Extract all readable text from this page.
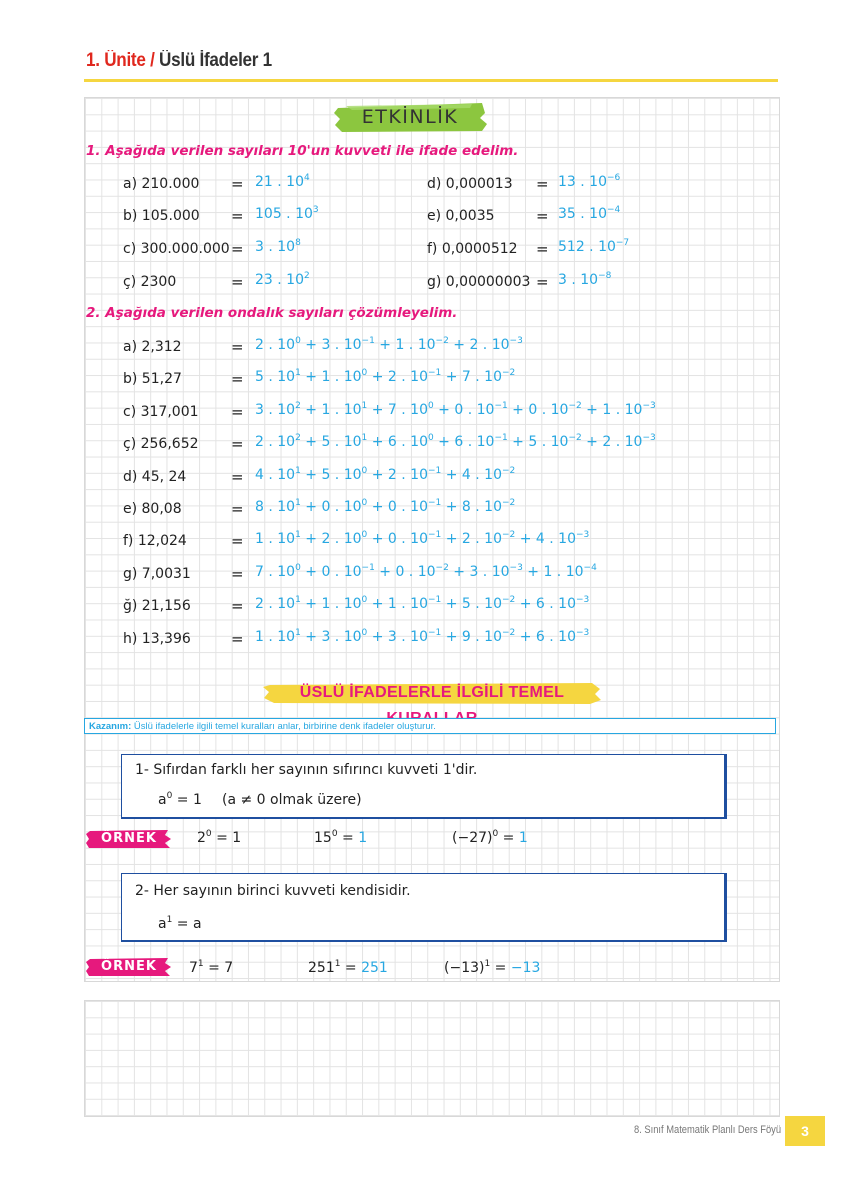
1. Ünite / Üslü İfadeler 1
ETKİNLİK
1. Aşağıda verilen sayıları 10'un kuvveti ile ifade edelim.
a) 210.000 = 21 . $10^4$
b) 105.000 = 105 . $10^3$
c) 300.000.000 = 3 . $10^8$
ç) 2300	= 23 . $10^2$
d) 0,000013 = 13 . $10^{-6}$
e) 0,0035	= 35 . $10^{-4}$
f) 0,0000512 = 512 . $10^{-7}$
g) 0,00000003 = 3 . $10^{-8}$
2. Aşağıda verilen ondalık sayıları çözümleyelim.
a) 2,312	= 2 . $10^0 + 3$ . $10^{-1} + 1$ . $10^{-2} + 2$ . $10^{-3}$
b) 51,27	= 5 . $10^1 + 1$ . $10^0 + 2$ . $10^{-1} + 7$ . $10^{-2}$
c) 317,001 = 3 . $10^2 + 1$ . $10^1 + 7$ . $10^0 + 0$ . $10^{-1} + 0$ . $10^{-2} + 1$ . $10^{-3}$
ç) 256,652 = 2 . $10^2 + 5$ . $10^1 + 6$ . $10^0 + 6$ . $10^{-1} + 5$ . $10^{-2} + 2$ . $10^{-3}$
d) 45, 24	= 4 . $10^1 + 5$ . $10^0 + 2$ . $10^{-1} + 4$ . $10^{-2}$
e) 80,08	= 8 . $10^1 + 0$ . $10^0 + 0$ . $10^{-1} + 8$ . $10^{-2}$
f) 12,024	= 1 . $10^1 + 2$ . $10^0 + 0$ . $10^{-1} + 2$ . $10^{-2} + 4$ . $10^{-3}$
g) 7,0031	= 7 . $10^0 + 0$ . $10^{-1} + 0$ . $10^{-2} + 3$ . $10^{-3} + 1$ . $10^{-4}$
ğ) 21,156	= 2 . $10^1 + 1$ . $10^0 + 1$ . $10^{-1} + 5$ . $10^{-2} + 6$ . $10^{-3}$
h) 13,396	= 1 . $10^1 + 3$ . $10^0 + 3$ . $10^{-1} + 9$ . $10^{-2} + 6$ . $10^{-3}$
ÜSLÜ İFADELERLE İLGİLİ TEMEL
Kazanım: Üslü ifadelerle ilgili temel kuralları anlar, birbirine denk ifadeler oluşturur.
1- Sıfırdan farklı her sayının sıfırıncı kuvveti 1'dir.
$a^0 = 1$ (a ≠ 0 olmak üzere)
ÖRNEK	$2^0 = 1$	$15^0 = 1$	$(-27)^0 = 1$
2- Her sayının birinci kuvveti kendisidir.
$a^1 = a$
ÖRNEK	$7^1 = 7$	$251^1 = 251$	$(-13)^1 = -13$
8. Sınıf Matematik Planlı Ders Föyü	3
